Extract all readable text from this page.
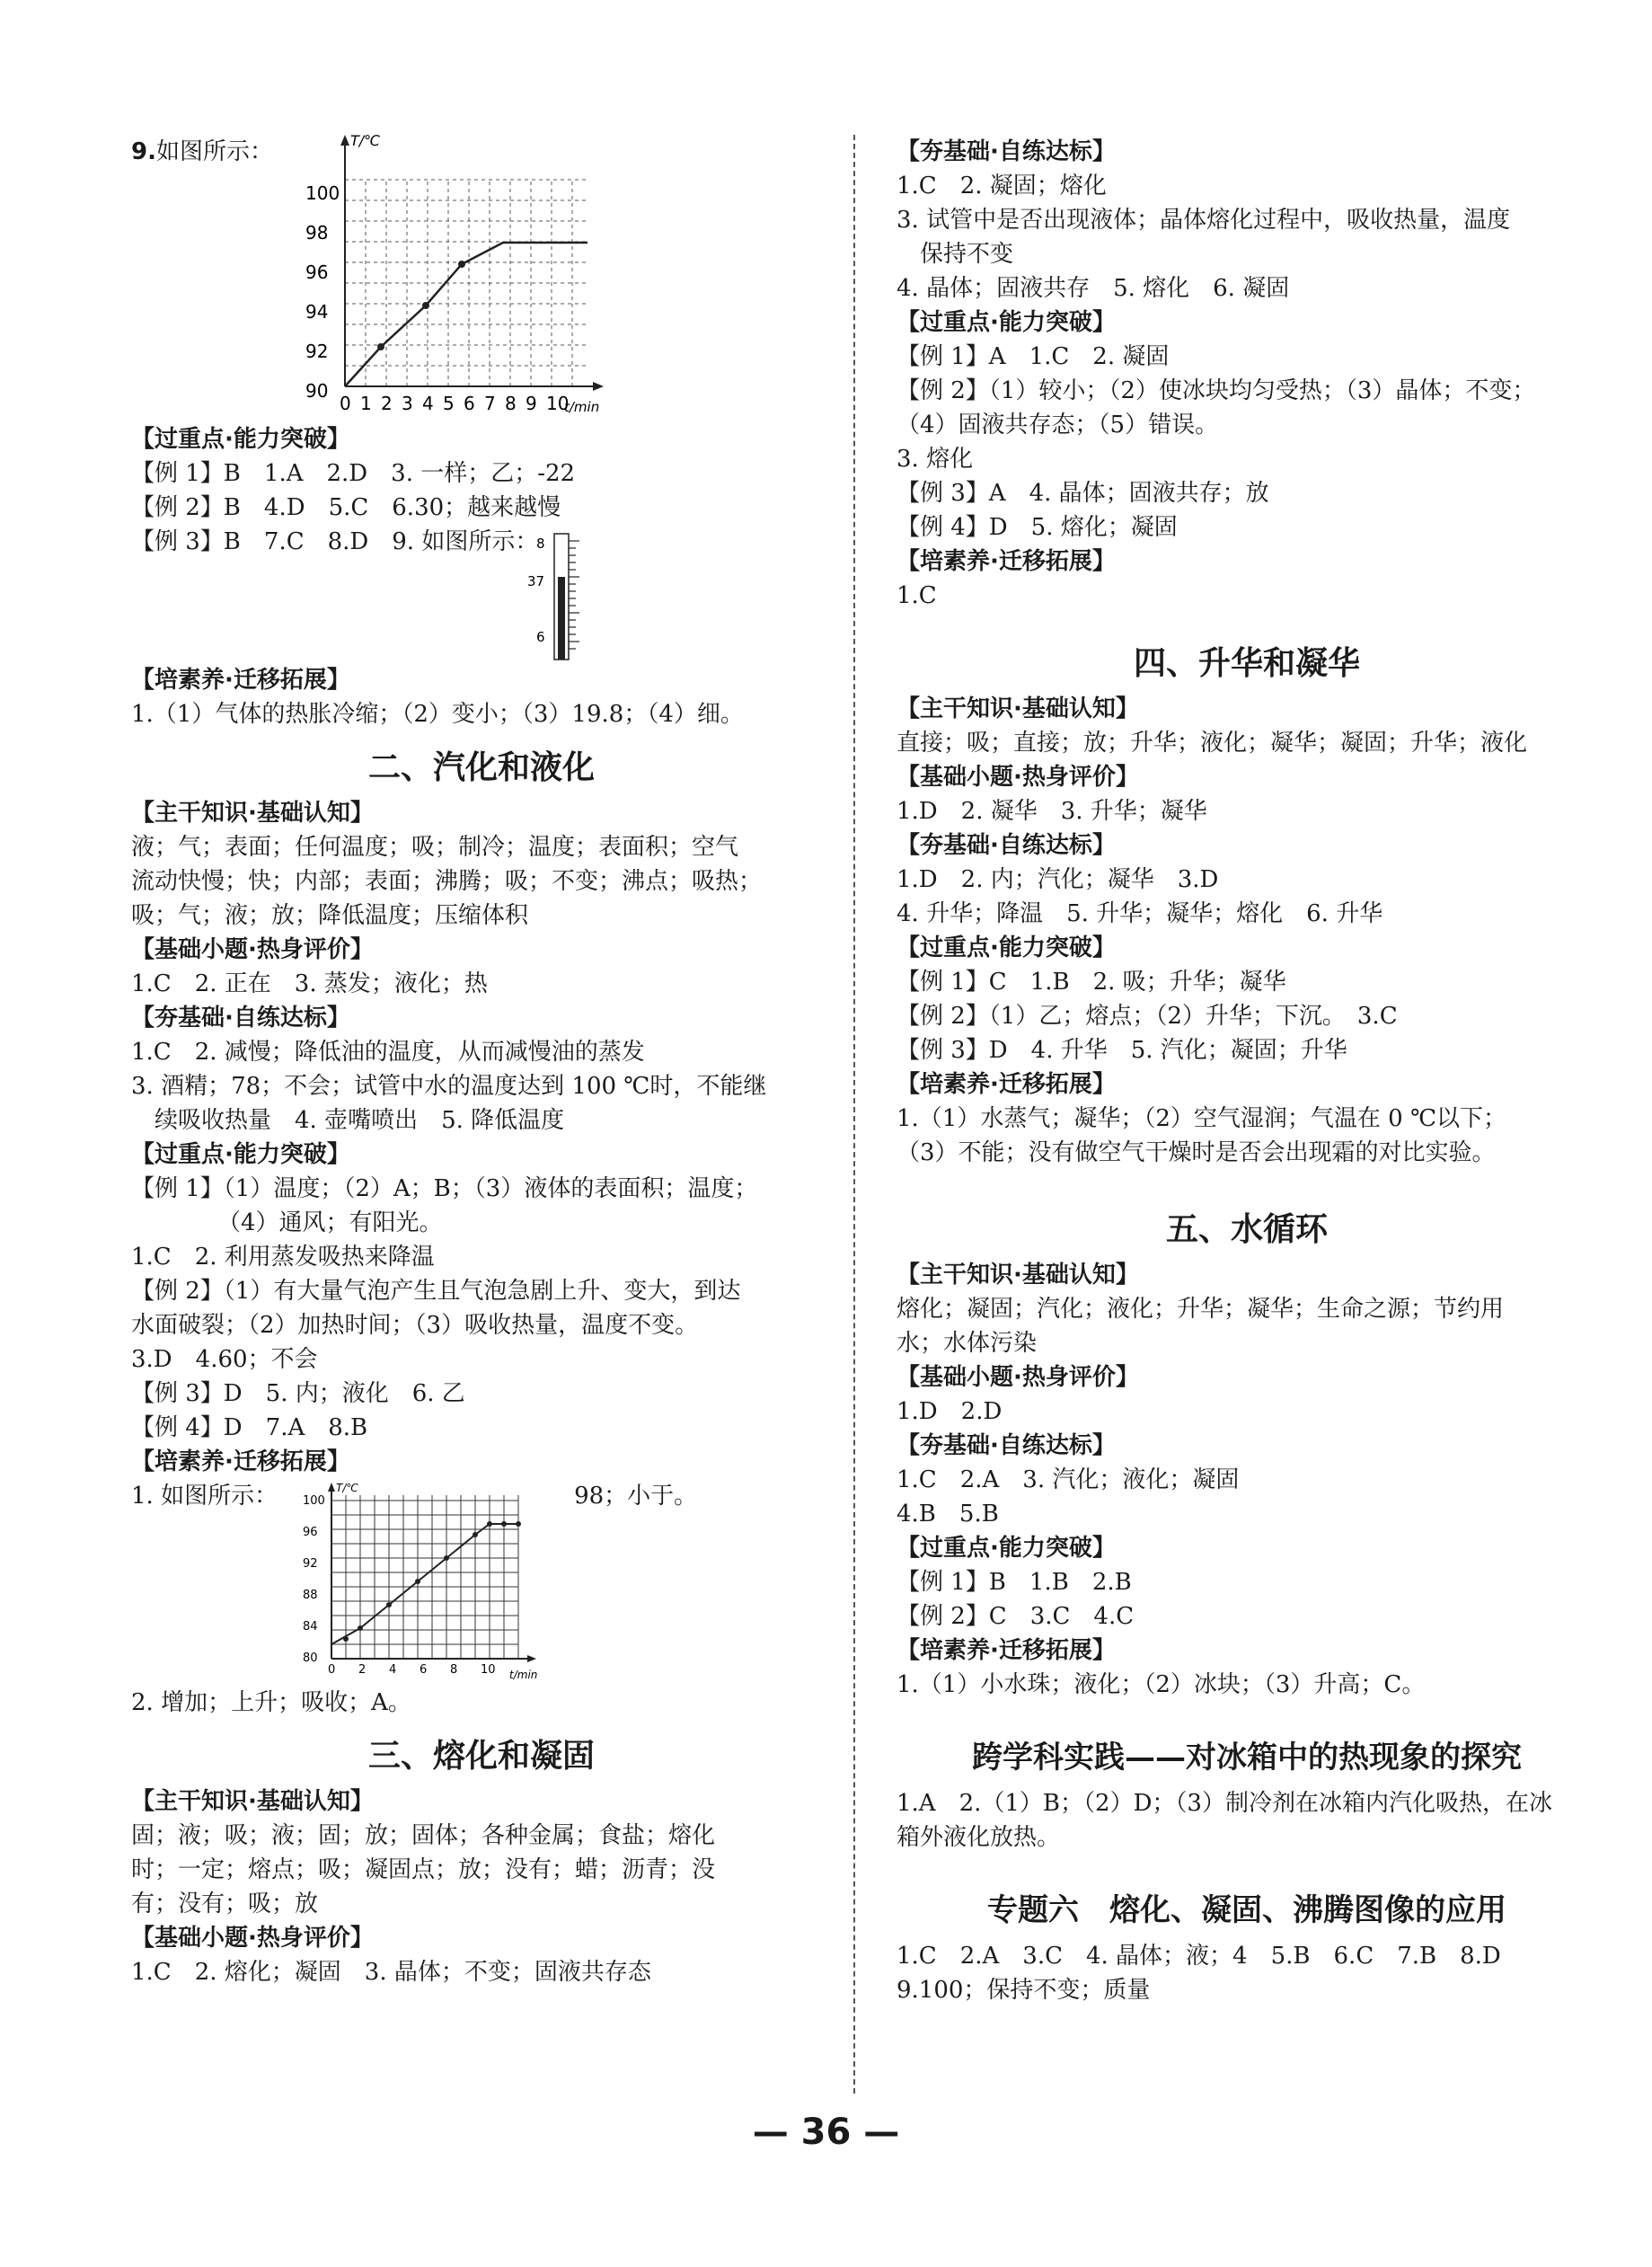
9.如图所示：	T/℃
t/min
100
98
96
94
92
90
0 1 2 3 4 5 6 7 8 9 10
【过重点·能力突破】
【例 1】B　1.A　2.D　3. 一样；乙；-22
【例 2】B　4.D　5.C　6.30；越来越慢
【例 3】B　7.C　8.D　9. 如图所示：
8
37
6
【培素养·迁移拓展】
1.（1）气体的热胀冷缩；（2）变小；（3）19.8；（4）细。
二、汽化和液化
【主干知识·基础认知】
液；气；表面；任何温度；吸；制冷；温度；表面积；空气
流动快慢；快；内部；表面；沸腾；吸；不变；沸点；吸热；
吸；气；液；放；降低温度；压缩体积
【基础小题·热身评价】
1.C　2. 正在　3. 蒸发；液化；热
【夯基础·自练达标】
1.C　2. 减慢；降低油的温度，从而减慢油的蒸发
3. 酒精；78；不会；试管中水的温度达到 100 ℃时，不能继
续吸收热量　4. 壶嘴喷出　5. 降低温度
【过重点·能力突破】
【例 1】（1）温度；（2）A；B；（3）液体的表面积；温度；
（4）通风；有阳光。
1.C　2. 利用蒸发吸热来降温
【例 2】（1）有大量气泡产生且气泡急剧上升、变大，到达
水面破裂；（2）加热时间；（3）吸收热量，温度不变。
3.D　4.60；不会
【例 3】D　5. 内；液化　6. 乙
【例 4】D　7.A　8.B
【培素养·迁移拓展】
1. 如图所示：	T/℃
t/min
100
96
92
88
84
80
0 2 4 6 8 10
98；小于。
2. 增加；上升；吸收；A。
三、熔化和凝固
【主干知识·基础认知】
固；液；吸；液；固；放；固体；各种金属；食盐；熔化
时；一定；熔点；吸；凝固点；放；没有；蜡；沥青；没
有；没有；吸；放
【基础小题·热身评价】
1.C　2. 熔化；凝固　3. 晶体；不变；固液共存态
【夯基础·自练达标】
1.C　2. 凝固；熔化
3. 试管中是否出现液体；晶体熔化过程中，吸收热量，温度
保持不变
4. 晶体；固液共存　5. 熔化　6. 凝固
【过重点·能力突破】
【例 1】A　1.C　2. 凝固
【例 2】（1）较小；（2）使冰块均匀受热；（3）晶体；不变；
（4）固液共存态；（5）错误。
3. 熔化
【例 3】A　4. 晶体；固液共存；放
【例 4】D　5. 熔化；凝固
【培素养·迁移拓展】
1.C
四、升华和凝华
【主干知识·基础认知】
直接；吸；直接；放；升华；液化；凝华；凝固；升华；液化
【基础小题·热身评价】
1.D　2. 凝华　3. 升华；凝华
【夯基础·自练达标】
1.D　2. 内；汽化；凝华　3.D
4. 升华；降温　5. 升华；凝华；熔化　6. 升华
【过重点·能力突破】
【例 1】C　1.B　2. 吸；升华；凝华
【例 2】（1）乙；熔点；（2）升华；下沉。　3.C
【例 3】D　4. 升华　5. 汽化；凝固；升华
【培素养·迁移拓展】
1.（1）水蒸气；凝华；（2）空气湿润；气温在 0 ℃以下；
（3）不能；没有做空气干燥时是否会出现霜的对比实验。
五、水循环
【主干知识·基础认知】
熔化；凝固；汽化；液化；升华；凝华；生命之源；节约用
水；水体污染
【基础小题·热身评价】
1.D　2.D
【夯基础·自练达标】
1.C　2.A　3. 汽化；液化；凝固
4.B　5.B
【过重点·能力突破】
【例 1】B　1.B　2.B
【例 2】C　3.C　4.C
【培素养·迁移拓展】
1.（1）小水珠；液化；（2）冰块；（3）升高；C。
跨学科实践——对冰箱中的热现象的探究
1.A　2.（1）B；（2）D；（3）制冷剂在冰箱内汽化吸热，在冰
箱外液化放热。
专题六　熔化、凝固、沸腾图像的应用
1.C　2.A　3.C　4. 晶体；液；4　5.B　6.C　7.B　8.D
9.100；保持不变；质量
— 36 —
